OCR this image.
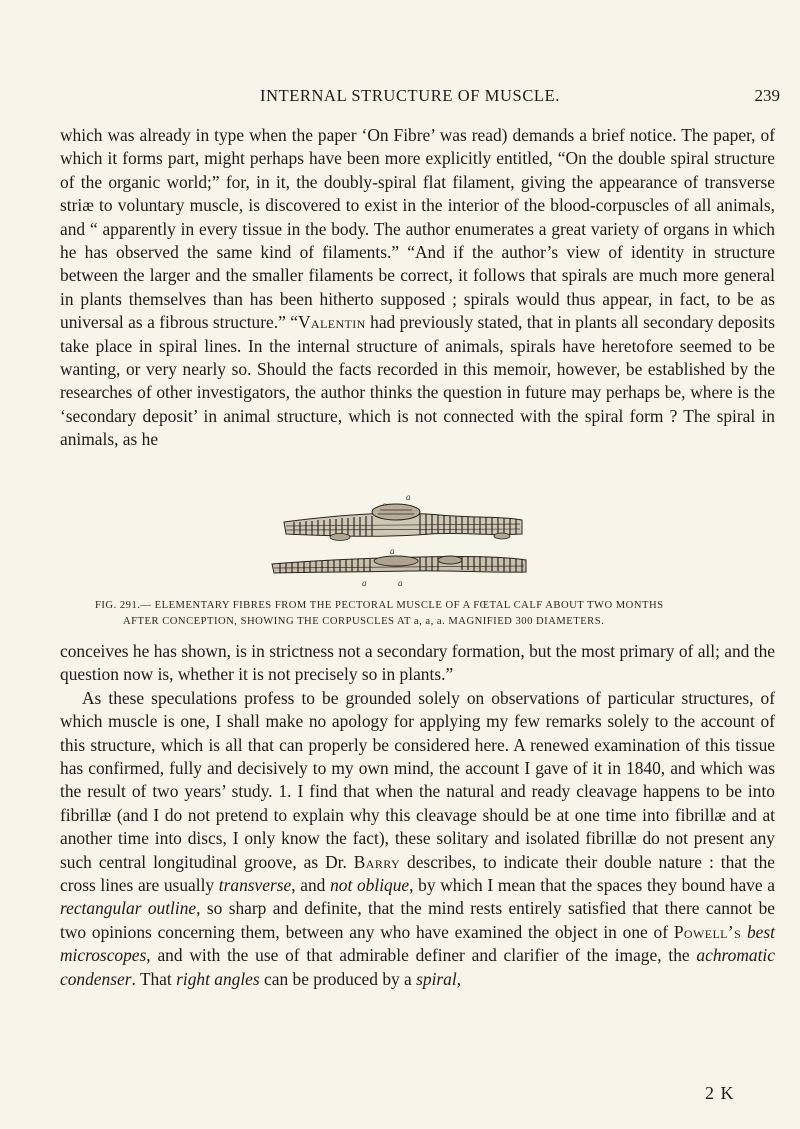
INTERNAL STRUCTURE OF MUSCLE.	239

which was already in type when the paper ‘On Fibre’ was read) demands a brief notice. The paper, of which it forms part, might perhaps have been more explicitly entitled, “On the double spiral structure of the organic world;” for, in it, the doubly-spiral flat filament, giving the appearance of transverse striæ to voluntary muscle, is discovered to exist in the interior of the blood-corpuscles of all animals, and “ apparently in every tissue in the body. The author enumerates a great variety of organs in which he has observed the same kind of filaments.” “And if the author’s view of identity in structure between the larger and the smaller filaments be correct, it follows that spirals are much more general in plants themselves than has been hitherto supposed ; spirals would thus appear, in fact, to be as universal as a fibrous structure.” “Valentin had previously stated, that in plants all secondary deposits take place in spiral lines. In the internal structure of animals, spirals have heretofore seemed to be wanting, or very nearly so. Should the facts recorded in this memoir, however, be established by the researches of other investigators, the author thinks the question in future may perhaps be, where is the ‘secondary deposit’ in animal structure, which is not connected with the spiral form ? The spiral in animals, as he

a
a
a	a
FIG. 291.— ELEMENTARY FIBRES FROM THE PECTORAL MUSCLE OF A FŒTAL CALF ABOUT TWO MONTHS
AFTER CONCEPTION, SHOWING THE CORPUSCLES AT a, a, a. MAGNIFIED 300 DIAMETERS.

conceives he has shown, is in strictness not a secondary formation, but the most primary of all; and the question now is, whether it is not precisely so in plants.”

As these speculations profess to be grounded solely on observations of particular structures, of which muscle is one, I shall make no apology for applying my few remarks solely to the account of this structure, which is all that can properly be considered here. A renewed examination of this tissue has confirmed, fully and decisively to my own mind, the account I gave of it in 1840, and which was the result of two years’ study. 1. I find that when the natural and ready cleavage happens to be into fibrillæ (and I do not pretend to explain why this cleavage should be at one time into fibrillæ and at another time into discs, I only know the fact), these solitary and isolated fibrillæ do not present any such central longitudinal groove, as Dr. Barry describes, to indicate their double nature : that the cross lines are usually transverse, and not oblique, by which I mean that the spaces they bound have a rectangular outline, so sharp and definite, that the mind rests entirely satisfied that there cannot be two opinions concerning them, between any who have examined the object in one of Powell’s best microscopes, and with the use of that admirable definer and clarifier of the image, the achromatic condenser. That right angles can be produced by a spiral,

2 K
